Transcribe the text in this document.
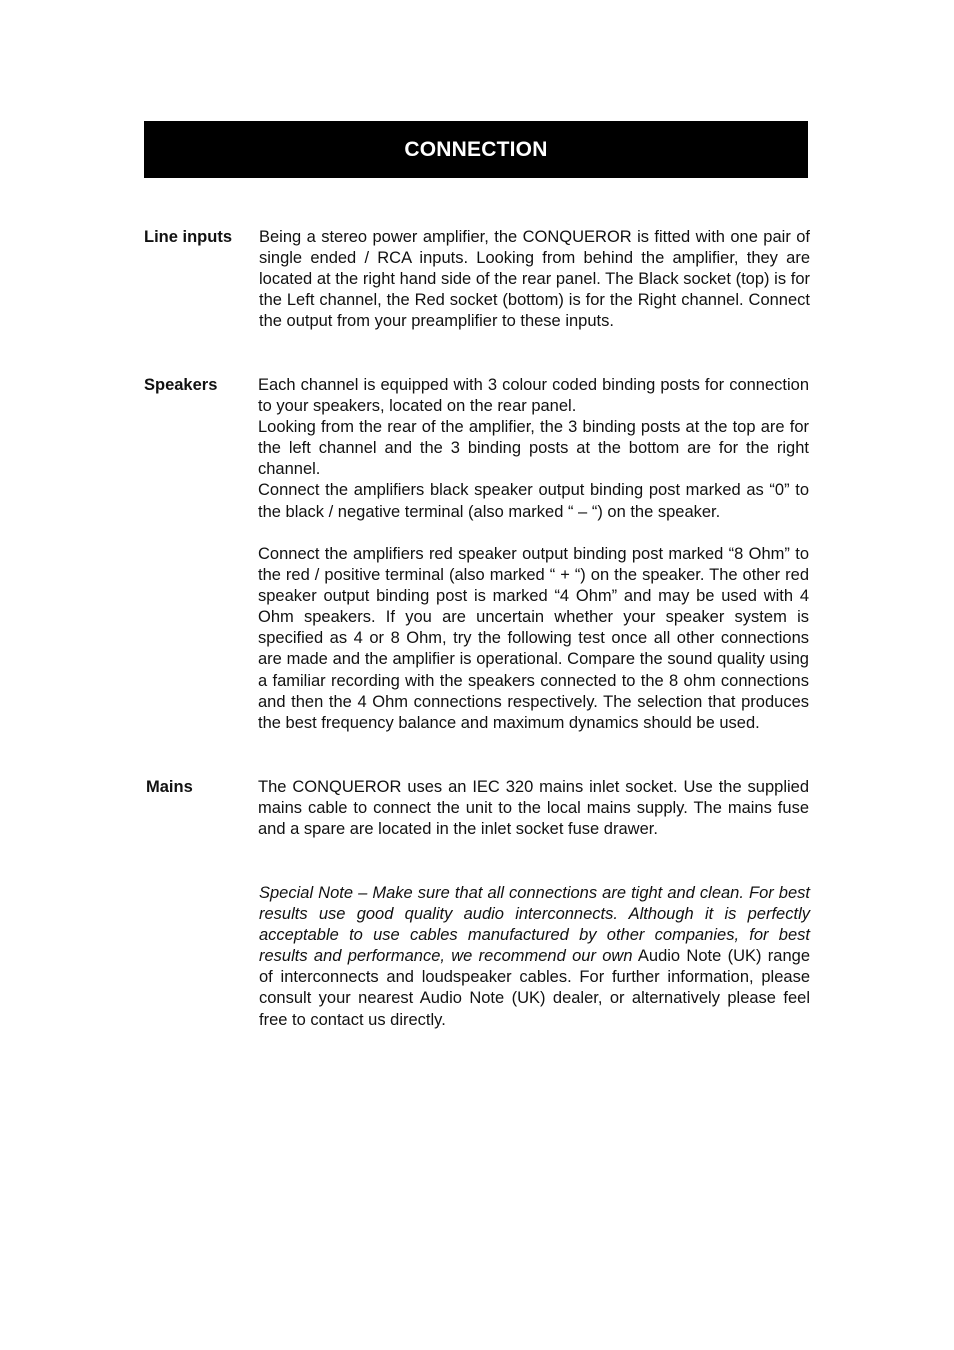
CONNECTION
Line inputs Being a stereo power amplifier, the CONQUEROR is fitted with one pair of single ended / RCA inputs. Looking from behind the amplifier, they are located at the right hand side of the rear panel. The Black socket (top) is for the Left channel, the Red socket (bottom) is for the Right channel. Connect the output from your preamplifier to these inputs.

Speakers Each channel is equipped with 3 colour coded binding posts for connection to your speakers, located on the rear panel.

Looking from the rear of the amplifier, the 3 binding posts at the top are for the left channel and the 3 binding posts at the bottom are for the right channel.

Connect the amplifiers black speaker output binding post marked as “0” to the black / negative terminal (also marked “ – “) on the speaker.

Connect the amplifiers red speaker output binding post marked “8 Ohm” to the red / positive terminal (also marked “ + “) on the speaker. The other red speaker output binding post is marked “4 Ohm” and may be used with 4 Ohm speakers. If you are uncertain whether your speaker system is specified as 4 or 8 Ohm, try the following test once all other connections are made and the amplifier is operational. Compare the sound quality using a familiar recording with the speakers connected to the 8 ohm connections and then the 4 Ohm connections respectively. The selection that produces the best frequency balance and maximum dynamics should be used.

Mains	The CONQUEROR uses an IEC 320 mains inlet socket. Use the supplied mains cable to connect the unit to the local mains supply. The mains fuse and a spare are located in the inlet socket fuse drawer.

Special Note – Make sure that all connections are tight and clean. For best results use good quality audio interconnects. Although it is perfectly acceptable to use cables manufactured by other companies, for best results and performance, we recommend our own Audio Note (UK) range of interconnects and loudspeaker cables. For further information, please consult your nearest Audio Note (UK) dealer, or alternatively please feel free to contact us directly.
